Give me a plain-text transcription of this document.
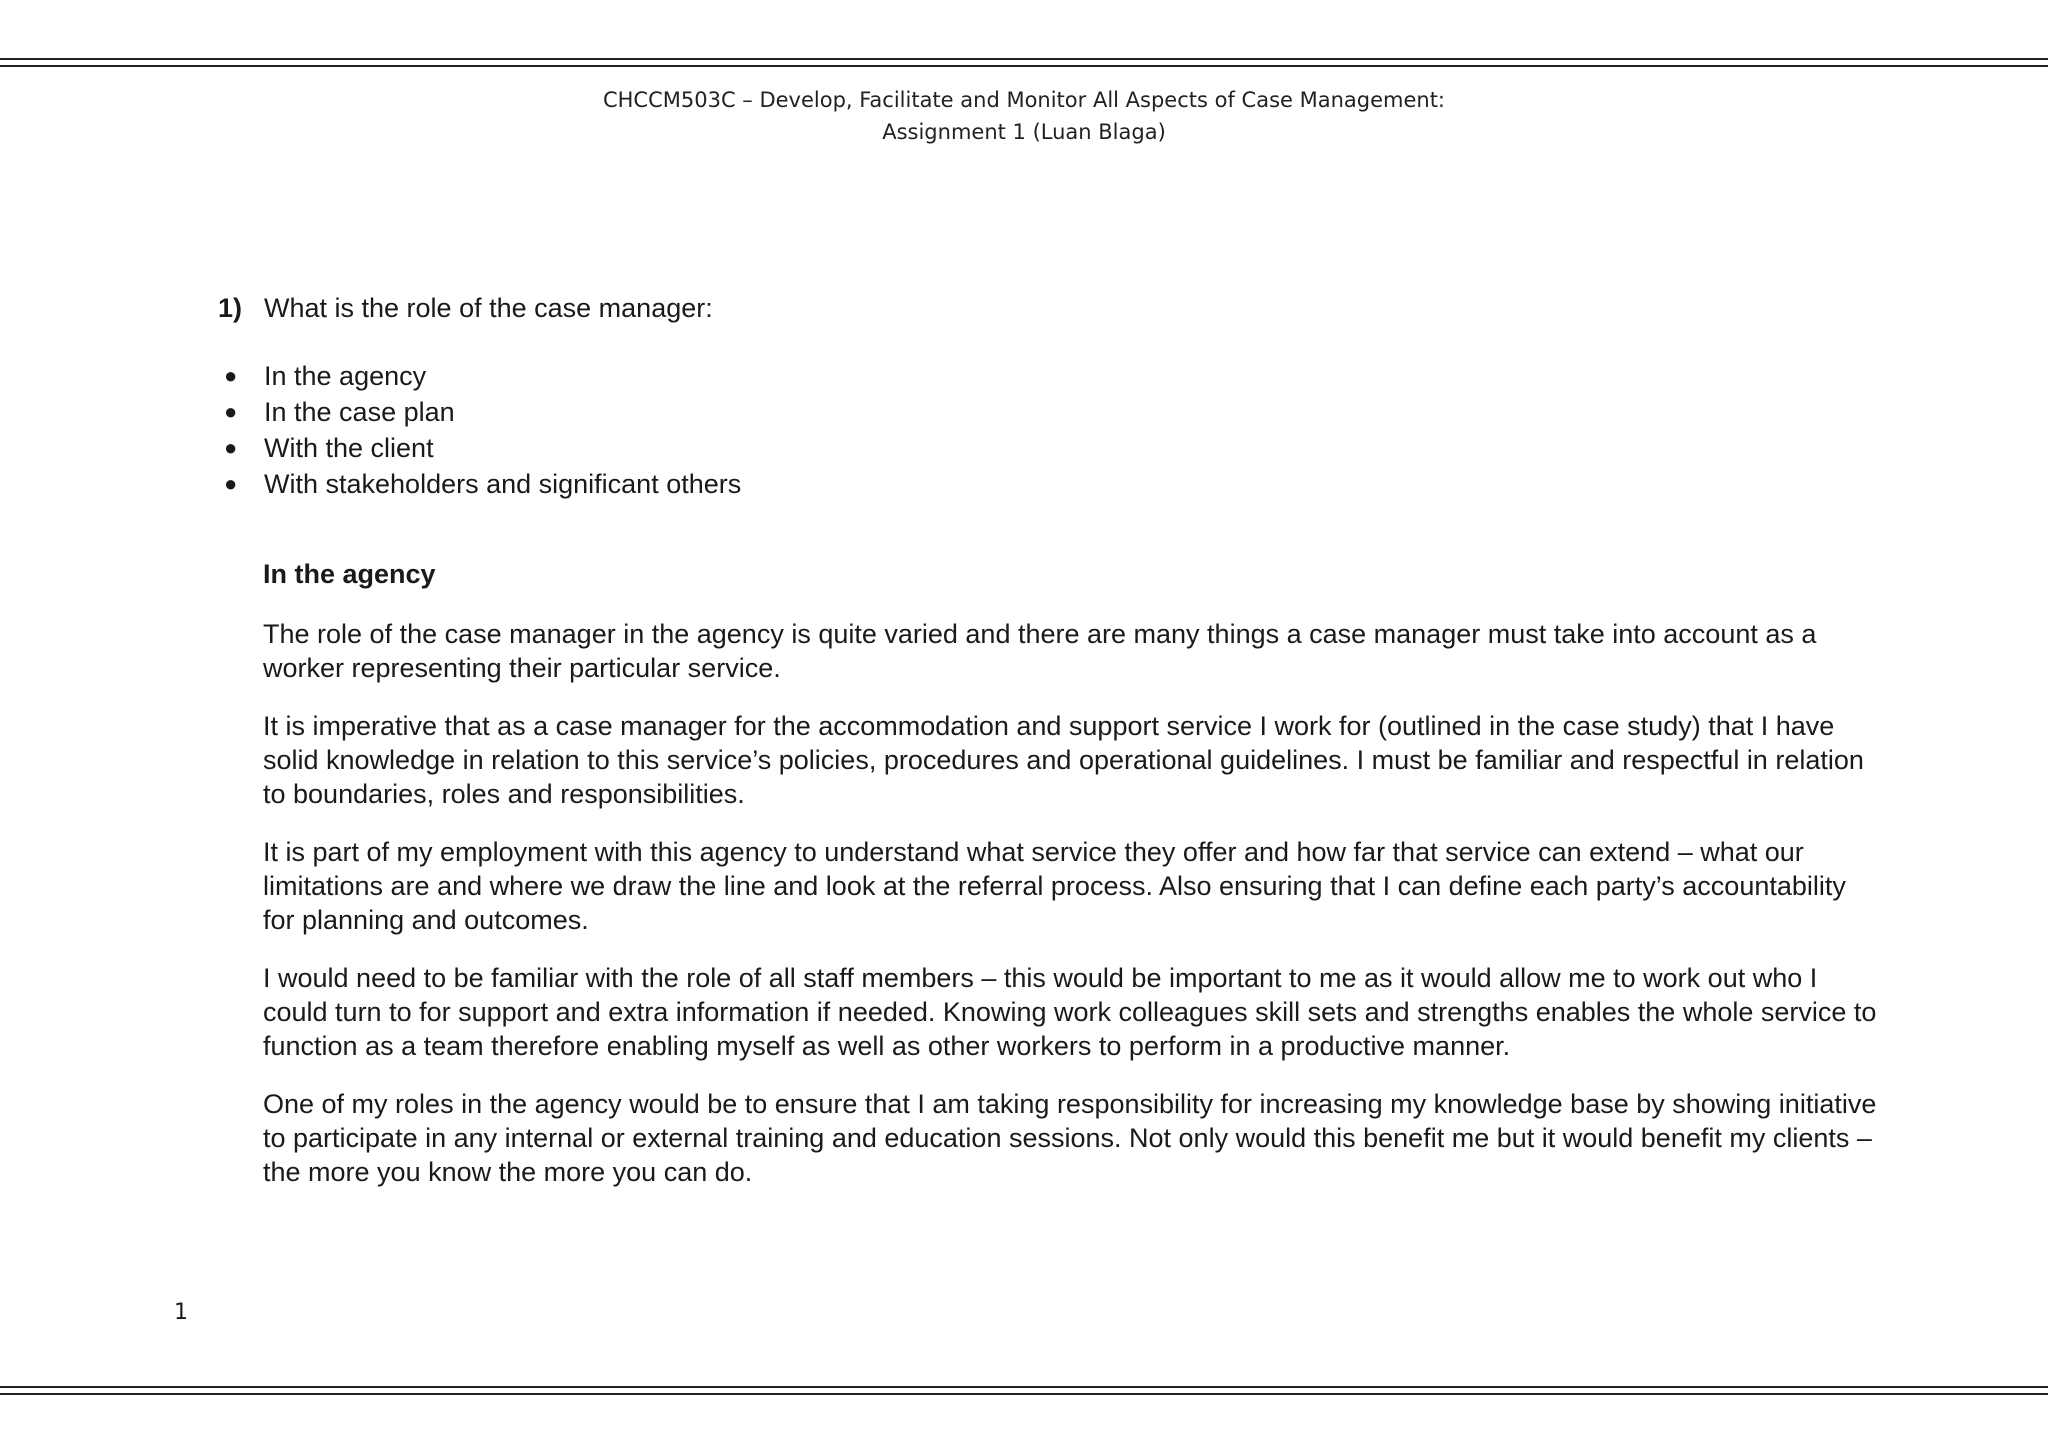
CHCCM503C – Develop, Facilitate and Monitor All Aspects of Case Management:
Assignment 1 (Luan Blaga)
1) What is the role of the case manager:
● In the agency
● In the case plan
● With the client
● With stakeholders and significant others
In the agency

The role of the case manager in the agency is quite varied and there are many things a case manager must take into account as a worker representing their particular service.

It is imperative that as a case manager for the accommodation and support service I work for (outlined in the case study) that I have solid knowledge in relation to this service’s policies, procedures and operational guidelines. I must be familiar and respectful in relation to boundaries, roles and responsibilities.

It is part of my employment with this agency to understand what service they offer and how far that service can extend – what our limitations are and where we draw the line and look at the referral process. Also ensuring that I can define each party’s accountability for planning and outcomes.

I would need to be familiar with the role of all staff members – this would be important to me as it would allow me to work out who I could turn to for support and extra information if needed. Knowing work colleagues skill sets and strengths enables the whole service to function as a team therefore enabling myself as well as other workers to perform in a productive manner.

One of my roles in the agency would be to ensure that I am taking responsibility for increasing my knowledge base by showing initiative to participate in any internal or external training and education sessions. Not only would this benefit me but it would benefit my clients – the more you know the more you can do.

1
